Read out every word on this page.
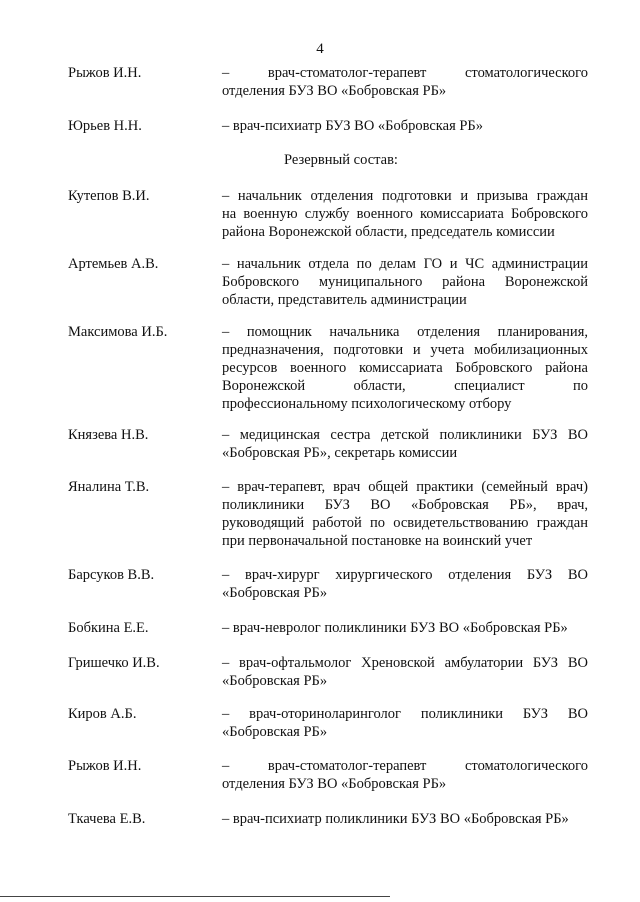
4
Рыжов И.Н.	– врач-стоматолог-терапевт стоматологического
отделения БУЗ ВО «Бобровская РБ»
Юрьев Н.Н.	– врач-психиатр БУЗ ВО «Бобровская РБ»
Резервный состав:
Кутепов В.И.	– начальник отделения подготовки и призыва граждан
на военную службу военного комиссариата Бобровского
района Воронежской области, председатель комиссии
Артемьев А.В.	– начальник отдела по делам ГО и ЧС администрации
Бобровского муниципального района Воронежской
области, представитель администрации
Максимова И.Б.	– помощник начальника отделения планирования,
предназначения, подготовки и учета мобилизационных
ресурсов военного комиссариата Бобровского района
Воронежской области, специалист по
профессиональному психологическому отбору
Князева Н.В.	– медицинская сестра детской поликлиники БУЗ ВО
«Бобровская РБ», секретарь комиссии
Яналина Т.В.	– врач-терапевт, врач общей практики (семейный врач)
поликлиники БУЗ ВО «Бобровская РБ», врач,
руководящий работой по освидетельствованию граждан
при первоначальной постановке на воинский учет
Барсуков В.В.	– врач-хирург хирургического отделения БУЗ ВО
«Бобровская РБ»
Бобкина Е.Е.	– врач-невролог поликлиники БУЗ ВО «Бобровская РБ»
Гришечко И.В.	– врач-офтальмолог Хреновской амбулатории БУЗ ВО
«Бобровская РБ»
Киров А.Б.	– врач-оториноларинголог поликлиники БУЗ ВО
«Бобровская РБ»
Рыжов И.Н.	– врач-стоматолог-терапевт стоматологического
отделения БУЗ ВО «Бобровская РБ»
Ткачева Е.В.	– врач-психиатр поликлиники БУЗ ВО «Бобровская РБ»
